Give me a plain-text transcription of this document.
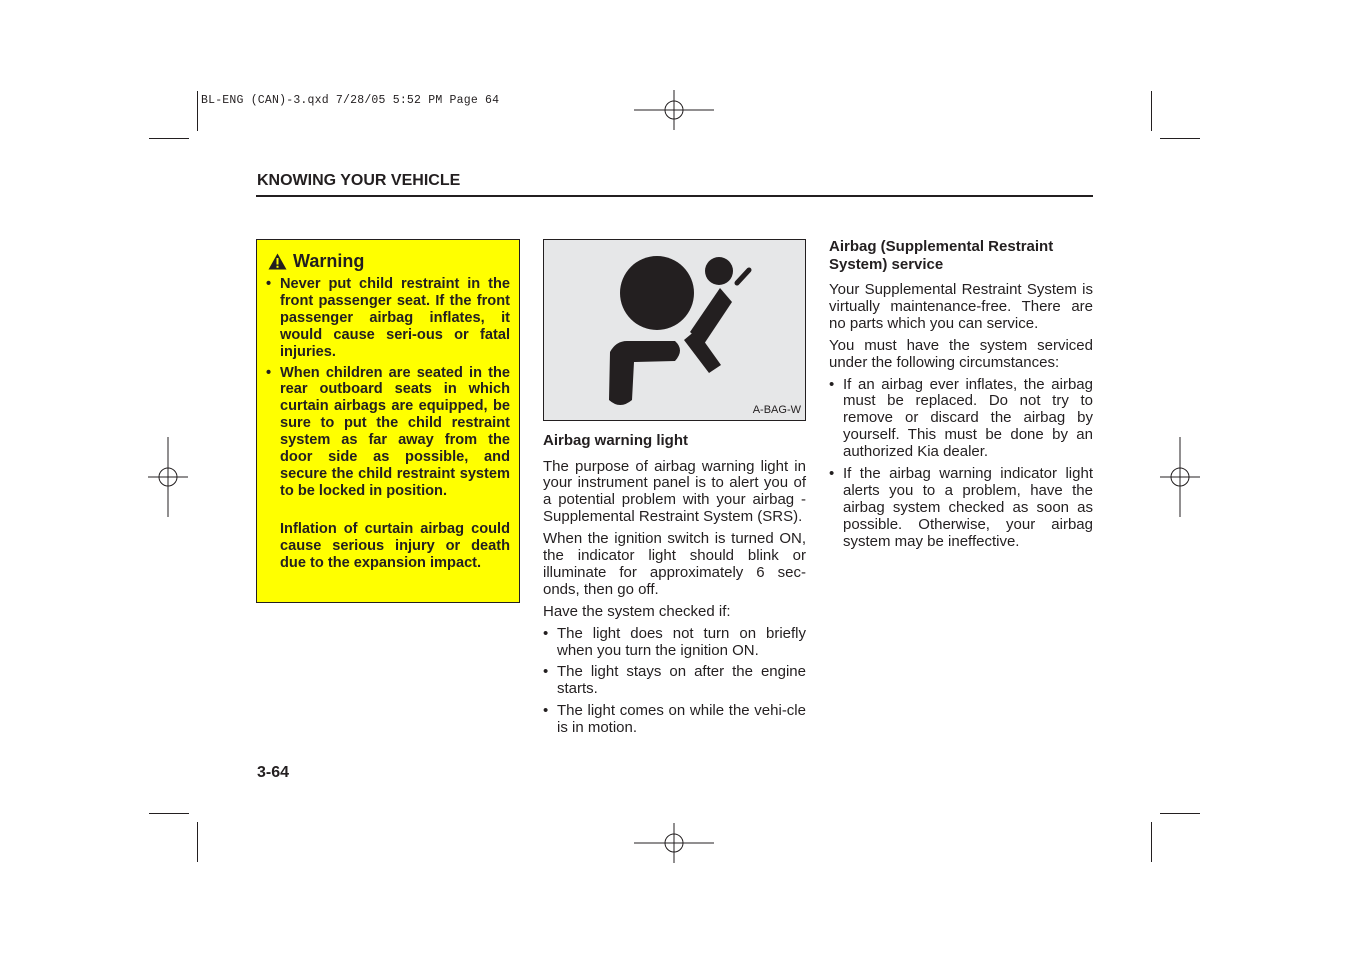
BL-ENG (CAN)-3.qxd 7/28/05 5:52 PM Page 64
KNOWING YOUR VEHICLE
Warning
• Never put child restraint in the front passenger seat. If the front passenger airbag inflates, it would cause seri-ous or fatal injuries.
• When children are seated in the rear outboard seats in which curtain airbags are equipped, be sure to put the child restraint system as far away from the door side as possible, and secure the child restraint system to be locked in position.
Inflation of curtain airbag could cause serious injury or death due to the expansion impact.
A-BAG-W
Airbag warning light

The purpose of airbag warning light in your instrument panel is to alert you of a potential problem with your airbag - Supplemental Restraint System (SRS).

When the ignition switch is turned ON, the indicator light should blink or illuminate for approximately 6 sec-onds, then go off.

Have the system checked if:

• The light does not turn on briefly when you turn the ignition ON.
• The light stays on after the engine starts.
• The light comes on while the vehi-cle is in motion.
Airbag (Supplemental Restraint System) service

Your Supplemental Restraint System is virtually maintenance-free. There are no parts which you can service.

You must have the system serviced under the following circumstances:

• If an airbag ever inflates, the airbag must be replaced. Do not try to remove or discard the airbag by yourself. This must be done by an authorized Kia dealer.
• If the airbag warning indicator light alerts you to a problem, have the airbag system checked as soon as possible. Otherwise, your airbag system may be ineffective.
3-64
